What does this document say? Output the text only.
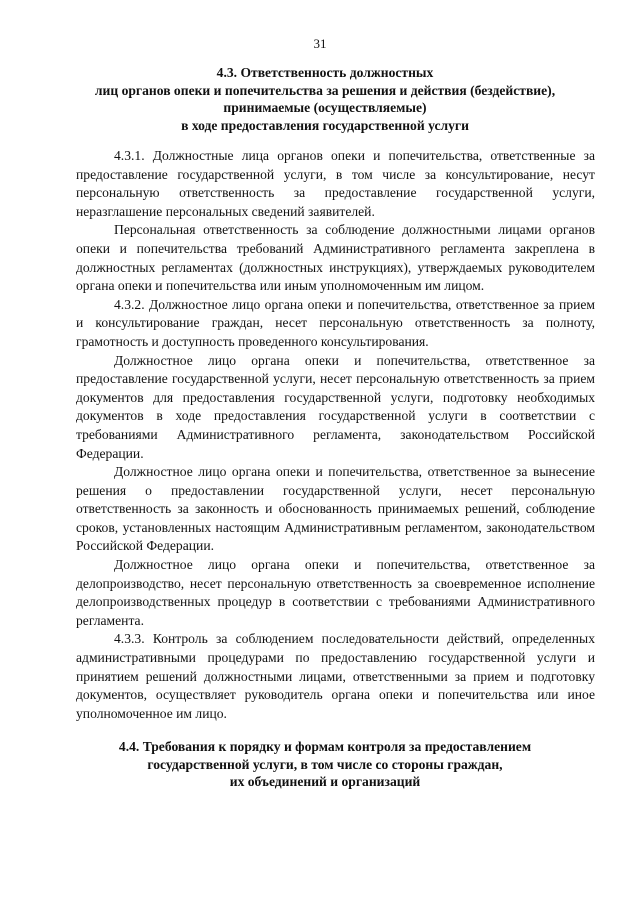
31
4.3. Ответственность должностных
лиц органов опеки и попечительства за решения и действия (бездействие),
принимаемые (осуществляемые)
в ходе предоставления государственной услуги

4.3.1. Должностные лица органов опеки и попечительства, ответственные за предоставление государственной услуги, в том числе за консультирование, несут персональную ответственность за предоставление государственной услуги, неразглашение персональных сведений заявителей.

Персональная ответственность за соблюдение должностными лицами органов опеки и попечительства требований Административного регламента закреплена в должностных регламентах (должностных инструкциях), утверждаемых руководителем органа опеки и попечительства или иным уполномоченным им лицом.

4.3.2. Должностное лицо органа опеки и попечительства, ответственное за прием и консультирование граждан, несет персональную ответственность за полноту, грамотность и доступность проведенного консультирования.

Должностное лицо органа опеки и попечительства, ответственное за предоставление государственной услуги, несет персональную ответственность за прием документов для предоставления государственной услуги, подготовку необходимых документов в ходе предоставления государственной услуги в соответствии с требованиями Административного регламента, законодательством Российской Федерации.

Должностное лицо органа опеки и попечительства, ответственное за вынесение решения о предоставлении государственной услуги, несет персональную ответственность за законность и обоснованность принимаемых решений, соблюдение сроков, установленных настоящим Административным регламентом, законодательством Российской Федерации.

Должностное лицо органа опеки и попечительства, ответственное за делопроизводство, несет персональную ответственность за своевременное исполнение делопроизводственных процедур в соответствии с требованиями Административного регламента.

4.3.3. Контроль за соблюдением последовательности действий, определенных административными процедурами по предоставлению государственной услуги и принятием решений должностными лицами, ответственными за прием и подготовку документов, осуществляет руководитель органа опеки и попечительства или иное уполномоченное им лицо.

4.4. Требования к порядку и формам контроля за предоставлением
государственной услуги, в том числе со стороны граждан,
их объединений и организаций
